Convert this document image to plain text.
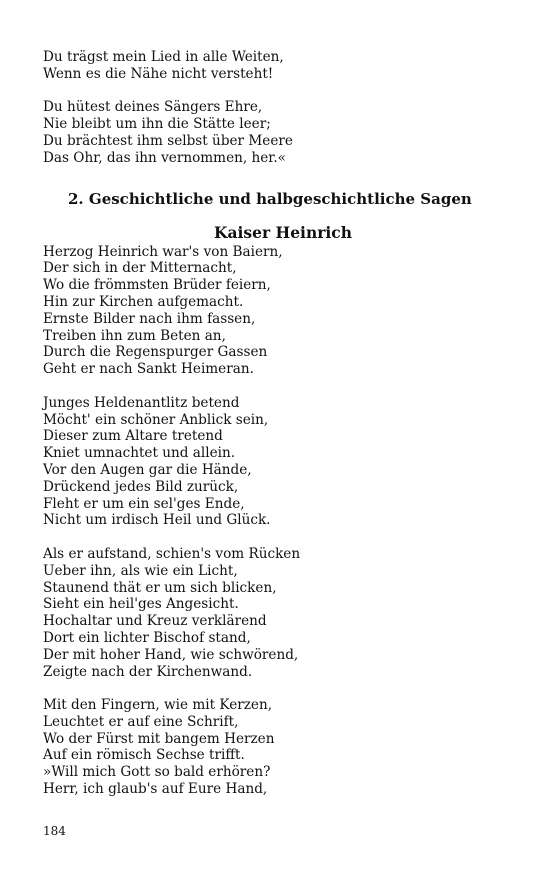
Du trägst mein Lied in alle Weiten,
Wenn es die Nähe nicht versteht!
Du hütest deines Sängers Ehre,
Nie bleibt um ihn die Stätte leer;
Du brächtest ihm selbst über Meere
Das Ohr, das ihn vernommen, her.«
2. Geschichtliche und halbgeschichtliche Sagen
Kaiser Heinrich
Herzog Heinrich war's von Baiern,
Der sich in der Mitternacht,
Wo die frömmsten Brüder feiern,
Hin zur Kirchen aufgemacht.
Ernste Bilder nach ihm fassen,
Treiben ihn zum Beten an,
Durch die Regenspurger Gassen
Geht er nach Sankt Heimeran.
Junges Heldenantlitz betend
Möcht' ein schöner Anblick sein,
Dieser zum Altare tretend
Kniet umnachtet und allein.
Vor den Augen gar die Hände,
Drückend jedes Bild zurück,
Fleht er um ein sel'ges Ende,
Nicht um irdisch Heil und Glück.
Als er aufstand, schien's vom Rücken
Ueber ihn, als wie ein Licht,
Staunend thät er um sich blicken,
Sieht ein heil'ges Angesicht.
Hochaltar und Kreuz verklärend
Dort ein lichter Bischof stand,
Der mit hoher Hand, wie schwörend,
Zeigte nach der Kirchenwand.
Mit den Fingern, wie mit Kerzen,
Leuchtet er auf eine Schrift,
Wo der Fürst mit bangem Herzen
Auf ein römisch Sechse trifft.
»Will mich Gott so bald erhören?
Herr, ich glaub's auf Eure Hand,
184
